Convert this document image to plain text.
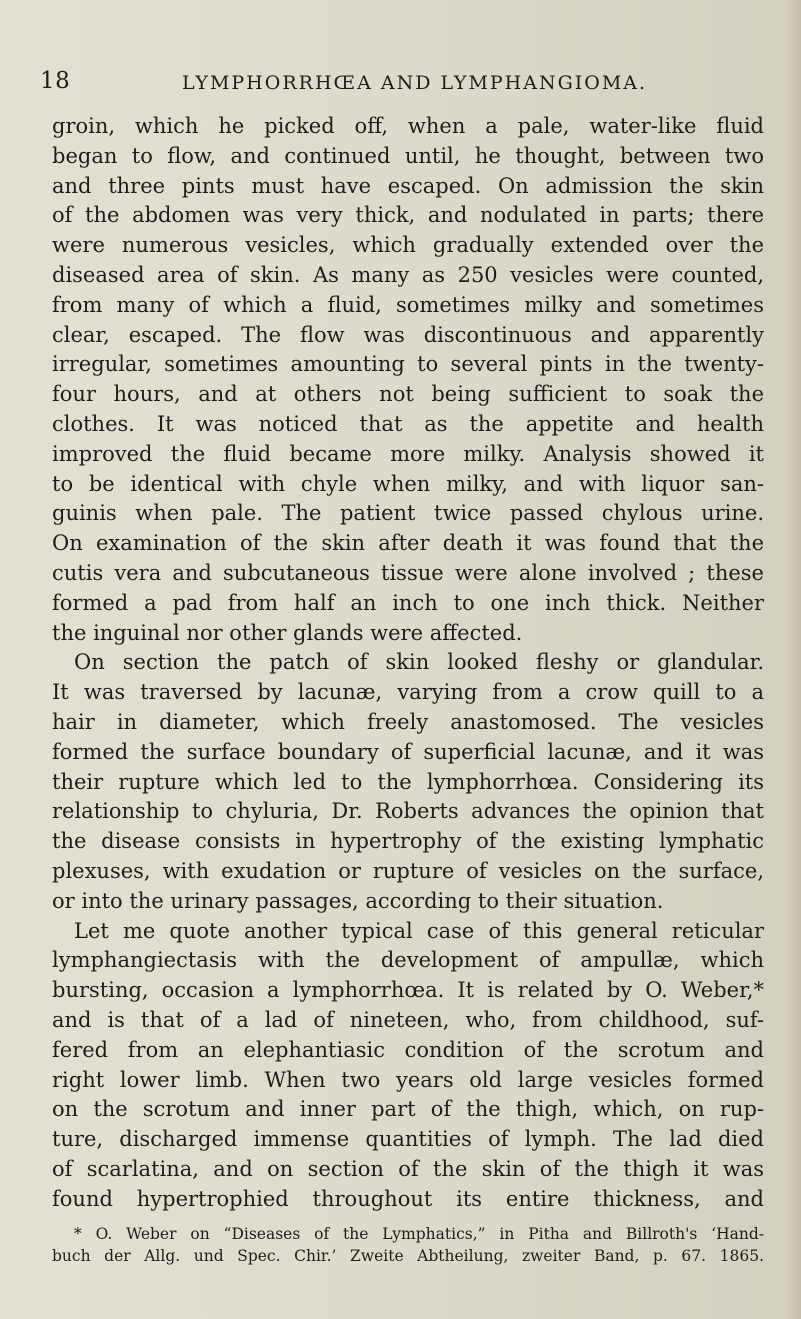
18	LYMPHORRHŒA AND LYMPHANGIOMA.
groin, which he picked off, when a pale, water-like fluid
began to flow, and continued until, he thought, between two
and three pints must have escaped. On admission the skin
of the abdomen was very thick, and nodulated in parts; there
were numerous vesicles, which gradually extended over the
diseased area of skin. As many as 250 vesicles were counted,
from many of which a fluid, sometimes milky and sometimes
clear, escaped. The flow was discontinuous and apparently
irregular, sometimes amounting to several pints in the twenty-
four hours, and at others not being sufficient to soak the
clothes. It was noticed that as the appetite and health
improved the fluid became more milky. Analysis showed it
to be identical with chyle when milky, and with liquor san-
guinis when pale. The patient twice passed chylous urine.
On examination of the skin after death it was found that the
cutis vera and subcutaneous tissue were alone involved ; these
formed a pad from half an inch to one inch thick. Neither
the inguinal nor other glands were affected.
On section the patch of skin looked fleshy or glandular.
It was traversed by lacunæ, varying from a crow quill to a
hair in diameter, which freely anastomosed. The vesicles
formed the surface boundary of superficial lacunæ, and it was
their rupture which led to the lymphorrhœa. Considering its
relationship to chyluria, Dr. Roberts advances the opinion that
the disease consists in hypertrophy of the existing lymphatic
plexuses, with exudation or rupture of vesicles on the surface,
or into the urinary passages, according to their situation.
Let me quote another typical case of this general reticular
lymphangiectasis with the development of ampullæ, which
bursting, occasion a lymphorrhœa. It is related by O. Weber,*
and is that of a lad of nineteen, who, from childhood, suf-
fered from an elephantiasic condition of the scrotum and
right lower limb. When two years old large vesicles formed
on the scrotum and inner part of the thigh, which, on rup-
ture, discharged immense quantities of lymph. The lad died
of scarlatina, and on section of the skin of the thigh it was
found hypertrophied throughout its entire thickness, and
* O. Weber on “Diseases of the Lymphatics,” in Pitha and Billroth's ‘Hand-
buch der Allg. und Spec. Chir.’ Zweite Abtheilung, zweiter Band, p. 67. 1865.
